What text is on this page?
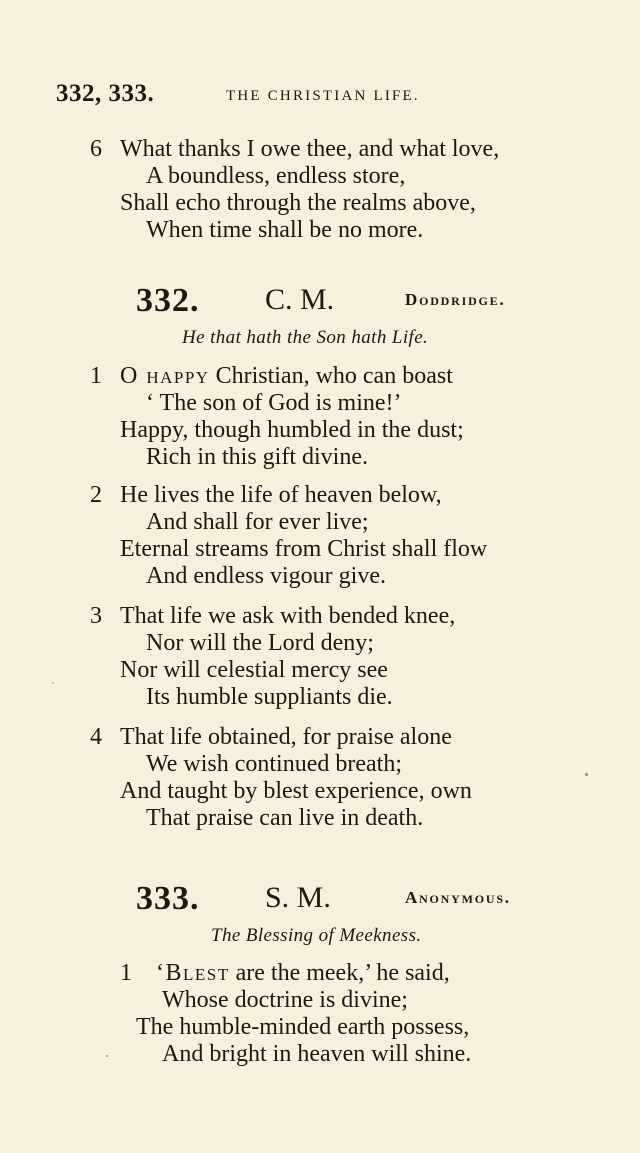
332, 333.	THE CHRISTIAN LIFE.
6 What thanks I owe thee, and what love,
A boundless, endless store,
Shall echo through the realms above,
When time shall be no more.
332. C. M.	Doddridge.
He that hath the Son hath Life.
1 O happy Christian, who can boast
‘ The son of God is mine!’
Happy, though humbled in the dust;
Rich in this gift divine.
2 He lives the life of heaven below,
And shall for ever live;
Eternal streams from Christ shall flow
And endless vigour give.
3 That life we ask with bended knee,
Nor will the Lord deny;
Nor will celestial mercy see
Its humble suppliants die.
4 That life obtained, for praise alone
We wish continued breath;
And taught by blest experience, own
That praise can live in death.
333. S. M.	Anonymous.
The Blessing of Meekness.
1 ‘Blest are the meek,’ he said,
Whose doctrine is divine;
The humble-minded earth possess,
And bright in heaven will shine.
